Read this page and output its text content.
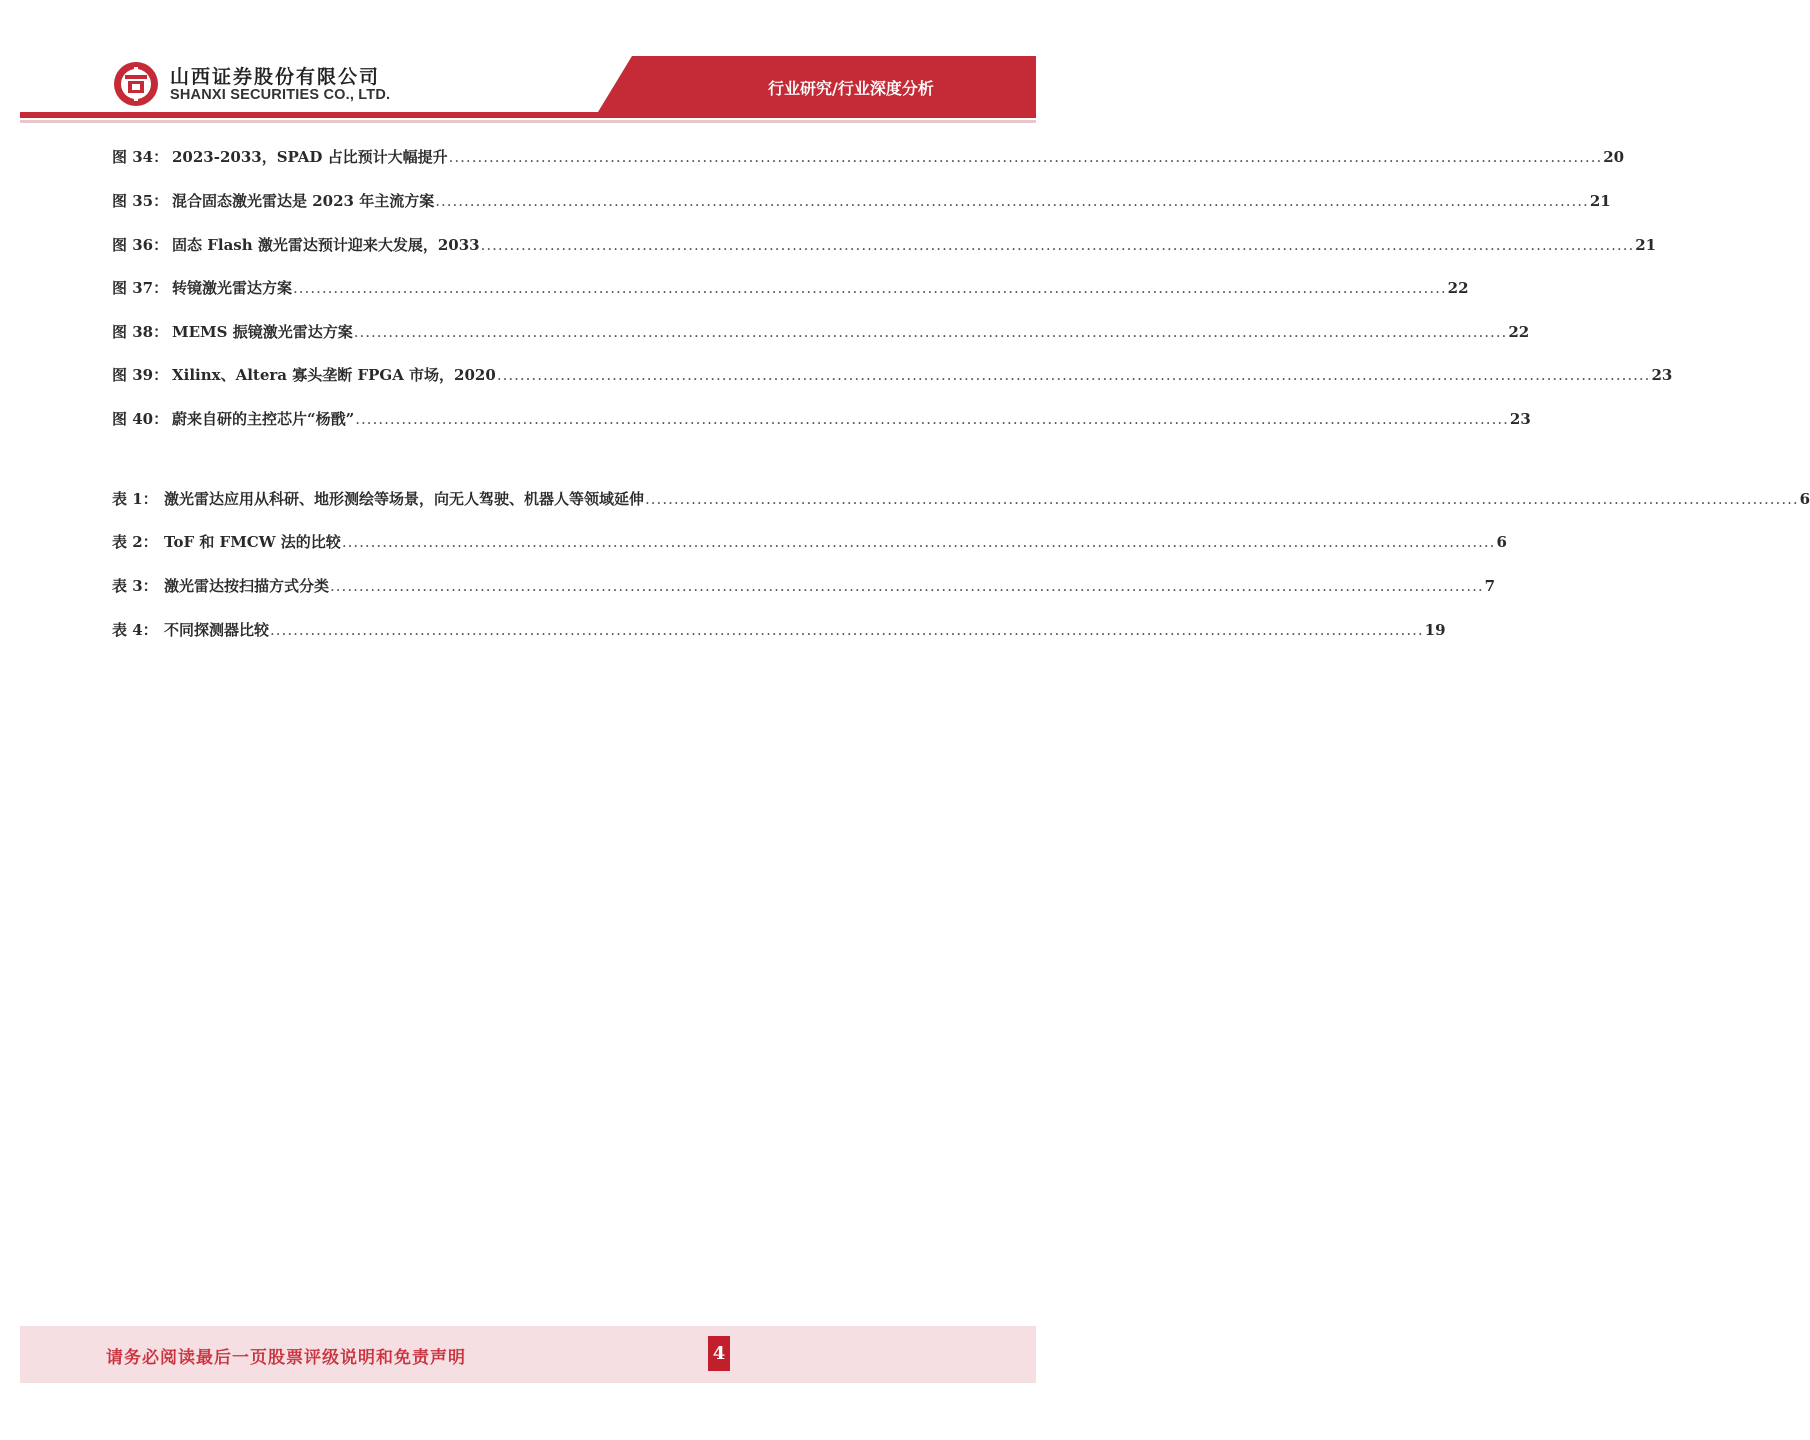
山西证券股份有限公司
SHANXI SECURITIES CO., LTD.	行业研究/行业深度分析
图 34： 2023-2033，SPAD 占比预计大幅提升 ........................................................................................................................................................................................................ 20
图 35： 混合固态激光雷达是 2023 年主流方案 ........................................................................................................................................................................................................ 21
图 36： 固态 Flash 激光雷达预计迎来大发展，2033 ........................................................................................................................................................................................................ 21
图 37： 转镜激光雷达方案 ........................................................................................................................................................................................................ 22
图 38： MEMS 振镜激光雷达方案 ........................................................................................................................................................................................................ 22
图 39： Xilinx、Altera 寡头垄断 FPGA 市场，2020 ........................................................................................................................................................................................................ 23
图 40： 蔚来自研的主控芯片“杨戬” ........................................................................................................................................................................................................ 23
表 1： 激光雷达应用从科研、地形测绘等场景，向无人驾驶、机器人等领域延伸 ........................................................................................................................................................................................................ 6
表 2： ToF 和 FMCW 法的比较 ........................................................................................................................................................................................................ 6
表 3： 激光雷达按扫描方式分类 ........................................................................................................................................................................................................ 7
表 4： 不同探测器比较 ........................................................................................................................................................................................................ 19
请务必阅读最后一页股票评级说明和免责声明	4
